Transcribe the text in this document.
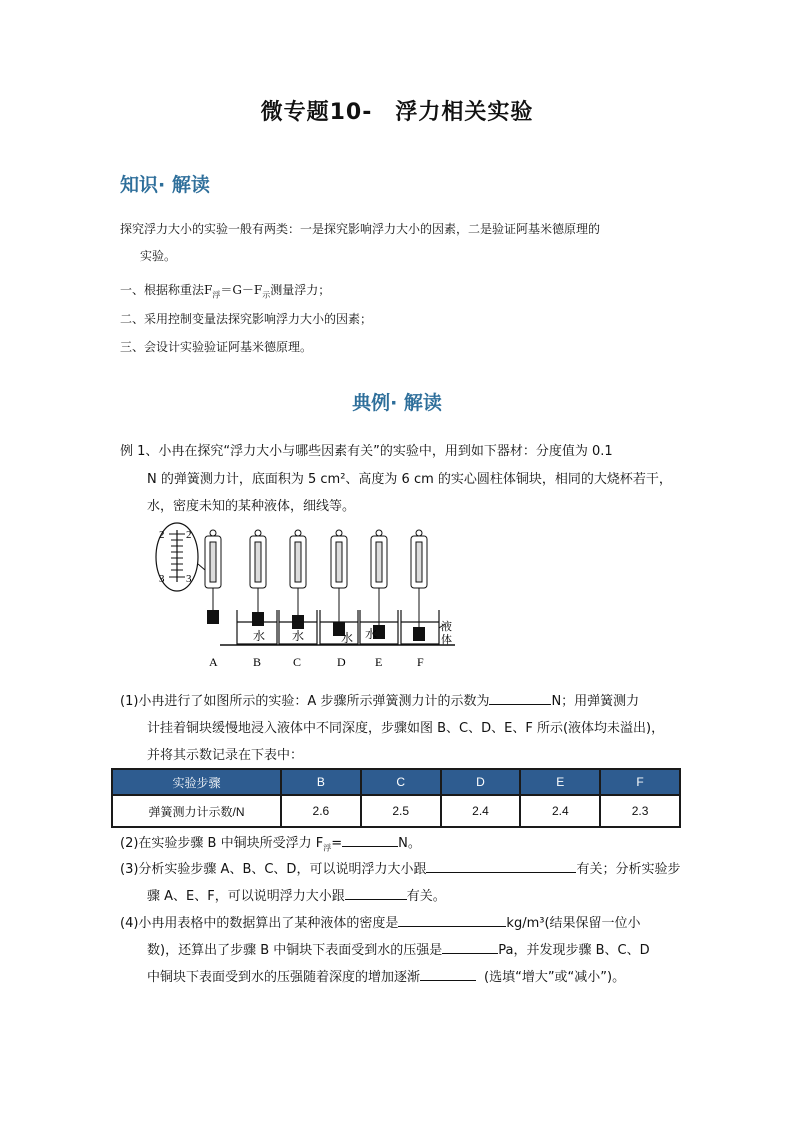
微专题10-　浮力相关实验
知识· 解读
探究浮力大小的实验一般有两类：一是探究影响浮力大小的因素，二是验证阿基米德原理的
实验。
一、根据称重法$F_浮=G-F_示$测量浮力；
二、采用控制变量法探究影响浮力大小的因素；
三、会设计实验验证阿基米德原理。
典例· 解读
例 1、小冉在探究“浮力大小与哪些因素有关”的实验中，用到如下器材：分度值为 0.1
N 的弹簧测力计，底面积为 5 cm²、高度为 6 cm 的实心圆柱体铜块，相同的大烧杯若干，
水，密度未知的某种液体，细线等。
2 2
3 3
水 水	水 水
液
体
A	B	C	D E	F
(1)小冉进行了如图所示的实验：A 步骤所示弹簧测力计的示数为	N；用弹簧测力
计挂着铜块缓慢地浸入液体中不同深度，步骤如图 B、C、D、E、F 所示(液体均未溢出)，
并将其示数记录在下表中：
实验步骤	B	C	D	E	F
弹簧测力计示数/N	2.6	2.5	2.4	2.4	2.3
(2)在实验步骤 B 中铜块所受浮力 $F_浮=$	N。
(3)分析实验步骤 A、B、C、D，可以说明浮力大小跟	有关；分析实验步
骤 A、E、F，可以说明浮力大小跟	有关。
(4)小冉用表格中的数据算出了某种液体的密度是	kg/m³(结果保留一位小
数)，还算出了步骤 B 中铜块下表面受到水的压强是	Pa，并发现步骤 B、C、D
中铜块下表面受到水的压强随着深度的增加逐渐	(选填“增大”或“减小”)。
